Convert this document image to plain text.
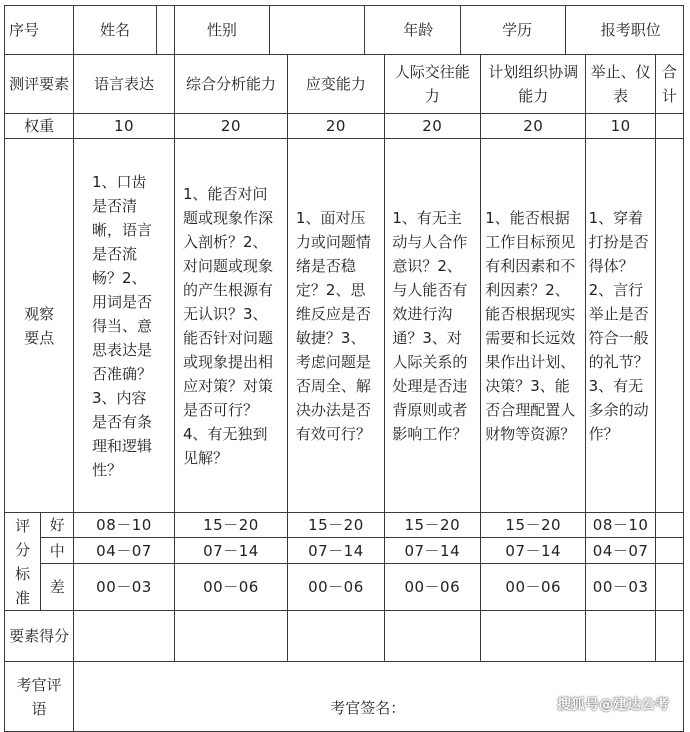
序号		姓名		性别			年龄		学历		报考职位		

测评要素		语言表达		综合分析能力		应变能力		人际交往能力		计划组织协调能力		举止、仪表	合计

权重		10		20		20		20		20		10	

观察要点		1、口齿是否清晰，语言是否流畅？2、用词是否得当、意思表达是否准确？3、内容是否有条理和逻辑性？		1、能否对问题或现象作深入剖析？2、对问题或现象的产生根源有无认识？3、能否针对问题或现象提出相应对策？对策是否可行？4、有无独到见解？		1、面对压力或问题情绪是否稳定？2、思维反应是否敏捷？3、考虑问题是否周全、解决办法是否有效可行？		1、有无主动与人合作意识？2、与人能否有效进行沟通？3、对人际关系的处理是否违背原则或者影响工作？		1、能否根据工作目标预见有利因素和不利因素？2、能否根据现实需要和长远效果作出计划、决策？3、能否合理配置人财物等资源？		1、穿着打扮是否得体？2、言行举止是否符合一般的礼节？3、有无多余的动作？	

评分标准	好	08－10		15－20		15－20		15－20		15－20		08－10	
	中	04－07		07－14		07－14		07－14		07－14		04－07	
	差	00－03		00－06		00－06		00－06		00－06		00－03	

要素得分													

考官评语		考官签名： 搜狐号@建达公考											
